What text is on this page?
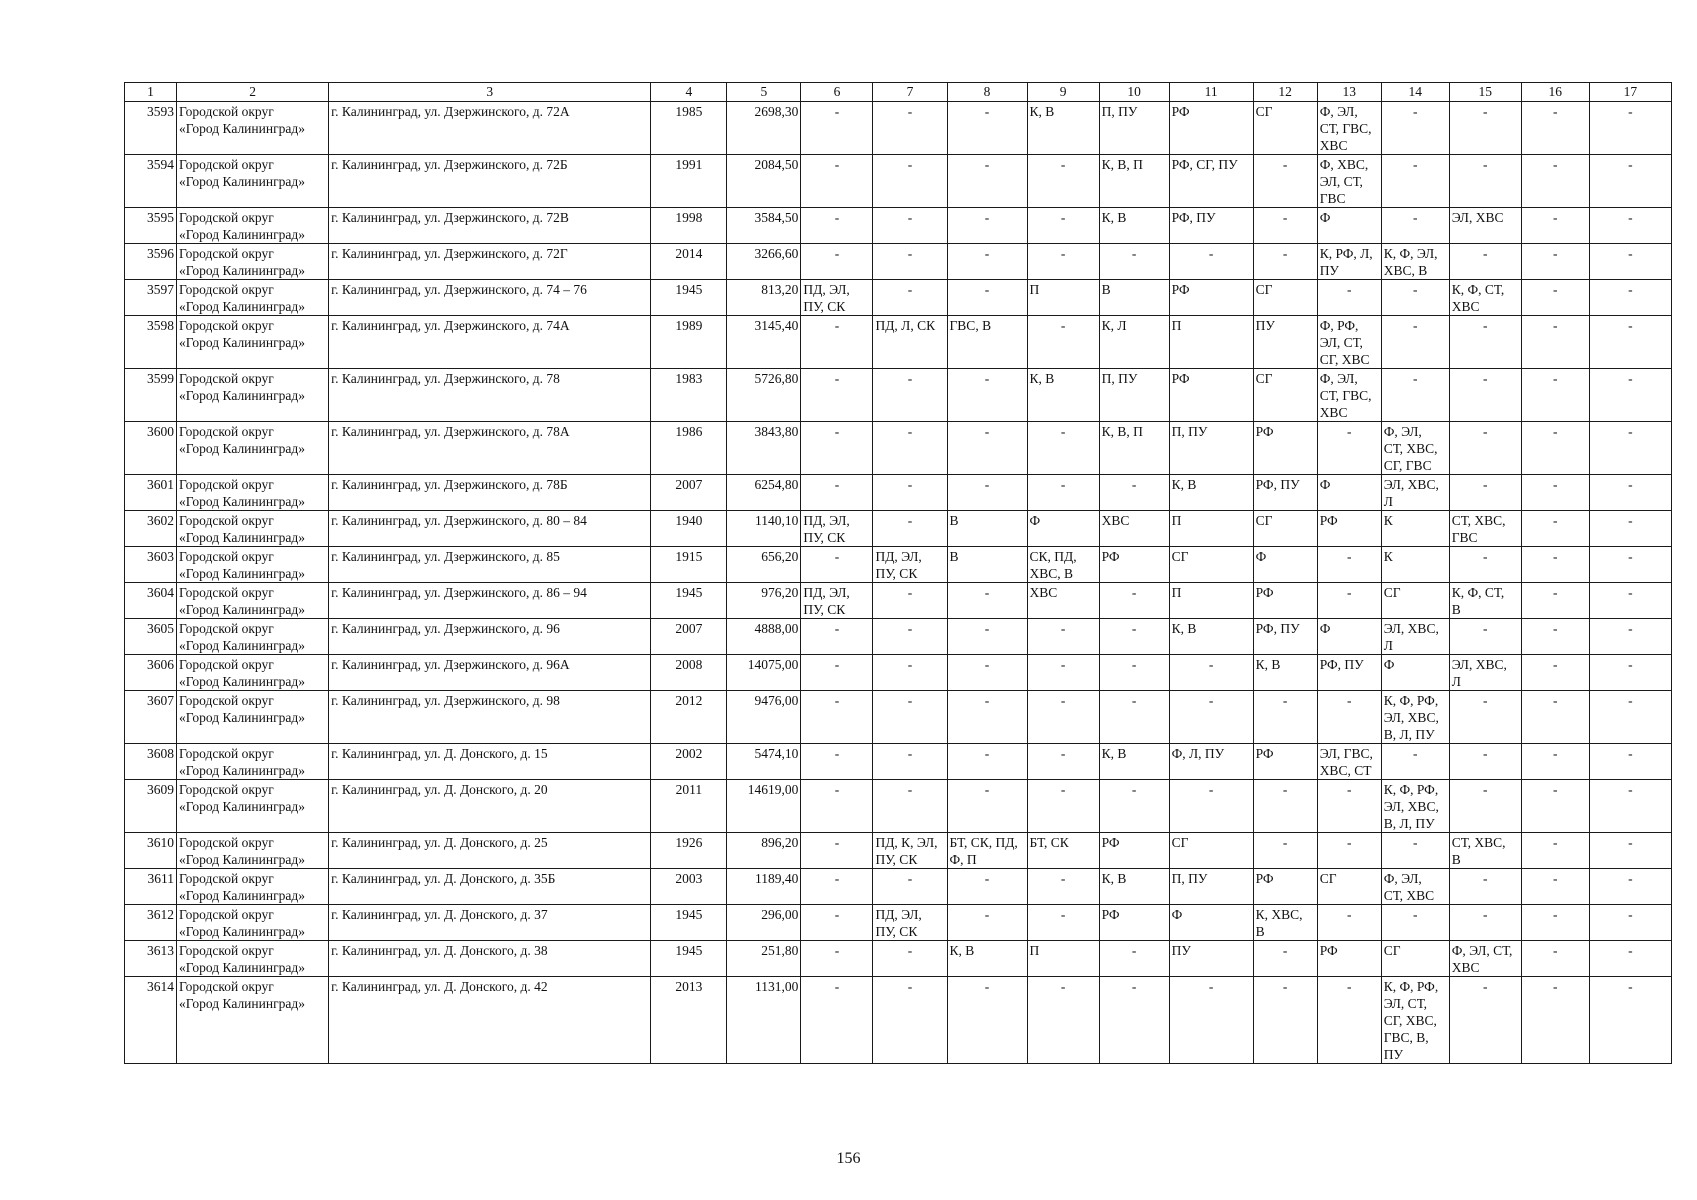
1	2	3	4	5	6	7	8	9	10	11	12	13	14	15	16	17
3593	Городской округ
«Город Калининград»	г. Калининград, ул. Дзержинского, д. 72А	1985	2698,30	-	-	-	К, В	П, ПУ	РФ	СГ	Ф, ЭЛ,
СТ, ГВС,
ХВС	-	-	-	-
3594	Городской округ
«Город Калининград»	г. Калининград, ул. Дзержинского, д. 72Б	1991	2084,50	-	-	-	-	К, В, П	РФ, СГ, ПУ	-	Ф, ХВС,
ЭЛ, СТ,
ГВС	-	-	-	-
3595	Городской округ
«Город Калининград»	г. Калининград, ул. Дзержинского, д. 72В	1998	3584,50	-	-	-	-	К, В	РФ, ПУ	-	Ф	-	ЭЛ, ХВС	-	-
3596	Городской округ
«Город Калининград»	г. Калининград, ул. Дзержинского, д. 72Г	2014	3266,60	-	-	-	-	-	-	-	К, РФ, Л,
ПУ	К, Ф, ЭЛ,
ХВС, В	-	-	-
3597	Городской округ
«Город Калининград»	г. Калининград, ул. Дзержинского, д. 74 – 76	1945	813,20	ПД, ЭЛ,
ПУ, СК	-	-	П	В	РФ	СГ	-	-	К, Ф, СТ,
ХВС	-	-
3598	Городской округ
«Город Калининград»	г. Калининград, ул. Дзержинского, д. 74А	1989	3145,40	-	ПД, Л, СК	ГВС, В	-	К, Л	П	ПУ	Ф, РФ,
ЭЛ, СТ,
СГ, ХВС	-	-	-	-
3599	Городской округ
«Город Калининград»	г. Калининград, ул. Дзержинского, д. 78	1983	5726,80	-	-	-	К, В	П, ПУ	РФ	СГ	Ф, ЭЛ,
СТ, ГВС,
ХВС	-	-	-	-
3600	Городской округ
«Город Калининград»	г. Калининград, ул. Дзержинского, д. 78А	1986	3843,80	-	-	-	-	К, В, П	П, ПУ	РФ	-	Ф, ЭЛ,
СТ, ХВС,
СГ, ГВС	-	-	-
3601	Городской округ
«Город Калининград»	г. Калининград, ул. Дзержинского, д. 78Б	2007	6254,80	-	-	-	-	-	К, В	РФ, ПУ	Ф	ЭЛ, ХВС,
Л	-	-	-
3602	Городской округ
«Город Калининград»	г. Калининград, ул. Дзержинского, д. 80 – 84	1940	1140,10	ПД, ЭЛ,
ПУ, СК	-	В	Ф	ХВС	П	СГ	РФ	К	СТ, ХВС,
ГВС	-	-
3603	Городской округ
«Город Калининград»	г. Калининград, ул. Дзержинского, д. 85	1915	656,20	-	ПД, ЭЛ,
ПУ, СК	В	СК, ПД,
ХВС, В	РФ	СГ	Ф	-	К	-	-	-
3604	Городской округ
«Город Калининград»	г. Калининград, ул. Дзержинского, д. 86 – 94	1945	976,20	ПД, ЭЛ,
ПУ, СК	-	-	ХВС	-	П	РФ	-	СГ	К, Ф, СТ,
В	-	-
3605	Городской округ
«Город Калининград»	г. Калининград, ул. Дзержинского, д. 96	2007	4888,00	-	-	-	-	-	К, В	РФ, ПУ	Ф	ЭЛ, ХВС,
Л	-	-	-
3606	Городской округ
«Город Калининград»	г. Калининград, ул. Дзержинского, д. 96А	2008	14075,00	-	-	-	-	-	-	К, В	РФ, ПУ	Ф	ЭЛ, ХВС,
Л	-	-
3607	Городской округ
«Город Калининград»	г. Калининград, ул. Дзержинского, д. 98	2012	9476,00	-	-	-	-	-	-	-	-	К, Ф, РФ,
ЭЛ, ХВС,
В, Л, ПУ	-	-	-
3608	Городской округ
«Город Калининград»	г. Калининград, ул. Д. Донского, д. 15	2002	5474,10	-	-	-	-	К, В	Ф, Л, ПУ	РФ	ЭЛ, ГВС,
ХВС, СТ	-	-	-	-
3609	Городской округ
«Город Калининград»	г. Калининград, ул. Д. Донского, д. 20	2011	14619,00	-	-	-	-	-	-	-	-	К, Ф, РФ,
ЭЛ, ХВС,
В, Л, ПУ	-	-	-
3610	Городской округ
«Город Калининград»	г. Калининград, ул. Д. Донского, д. 25	1926	896,20	-	ПД, К, ЭЛ,
ПУ, СК	БТ, СК, ПД,
Ф, П	БТ, СК	РФ	СГ	-	-	-	СТ, ХВС,
В	-	-
3611	Городской округ
«Город Калининград»	г. Калининград, ул. Д. Донского, д. 35Б	2003	1189,40	-	-	-	-	К, В	П, ПУ	РФ	СГ	Ф, ЭЛ,
СТ, ХВС	-	-	-
3612	Городской округ
«Город Калининград»	г. Калининград, ул. Д. Донского, д. 37	1945	296,00	-	ПД, ЭЛ,
ПУ, СК	-	-	РФ	Ф	К, ХВС,
В	-	-	-	-	-
3613	Городской округ
«Город Калининград»	г. Калининград, ул. Д. Донского, д. 38	1945	251,80	-	-	К, В	П	-	ПУ	-	РФ	СГ	Ф, ЭЛ, СТ,
ХВС	-	-
3614	Городской округ
«Город Калининград»	г. Калининград, ул. Д. Донского, д. 42	2013	1131,00	-	-	-	-	-	-	-	-	К, Ф, РФ,
ЭЛ, СТ,
СГ, ХВС,
ГВС, В,
ПУ	-	-	-
156
